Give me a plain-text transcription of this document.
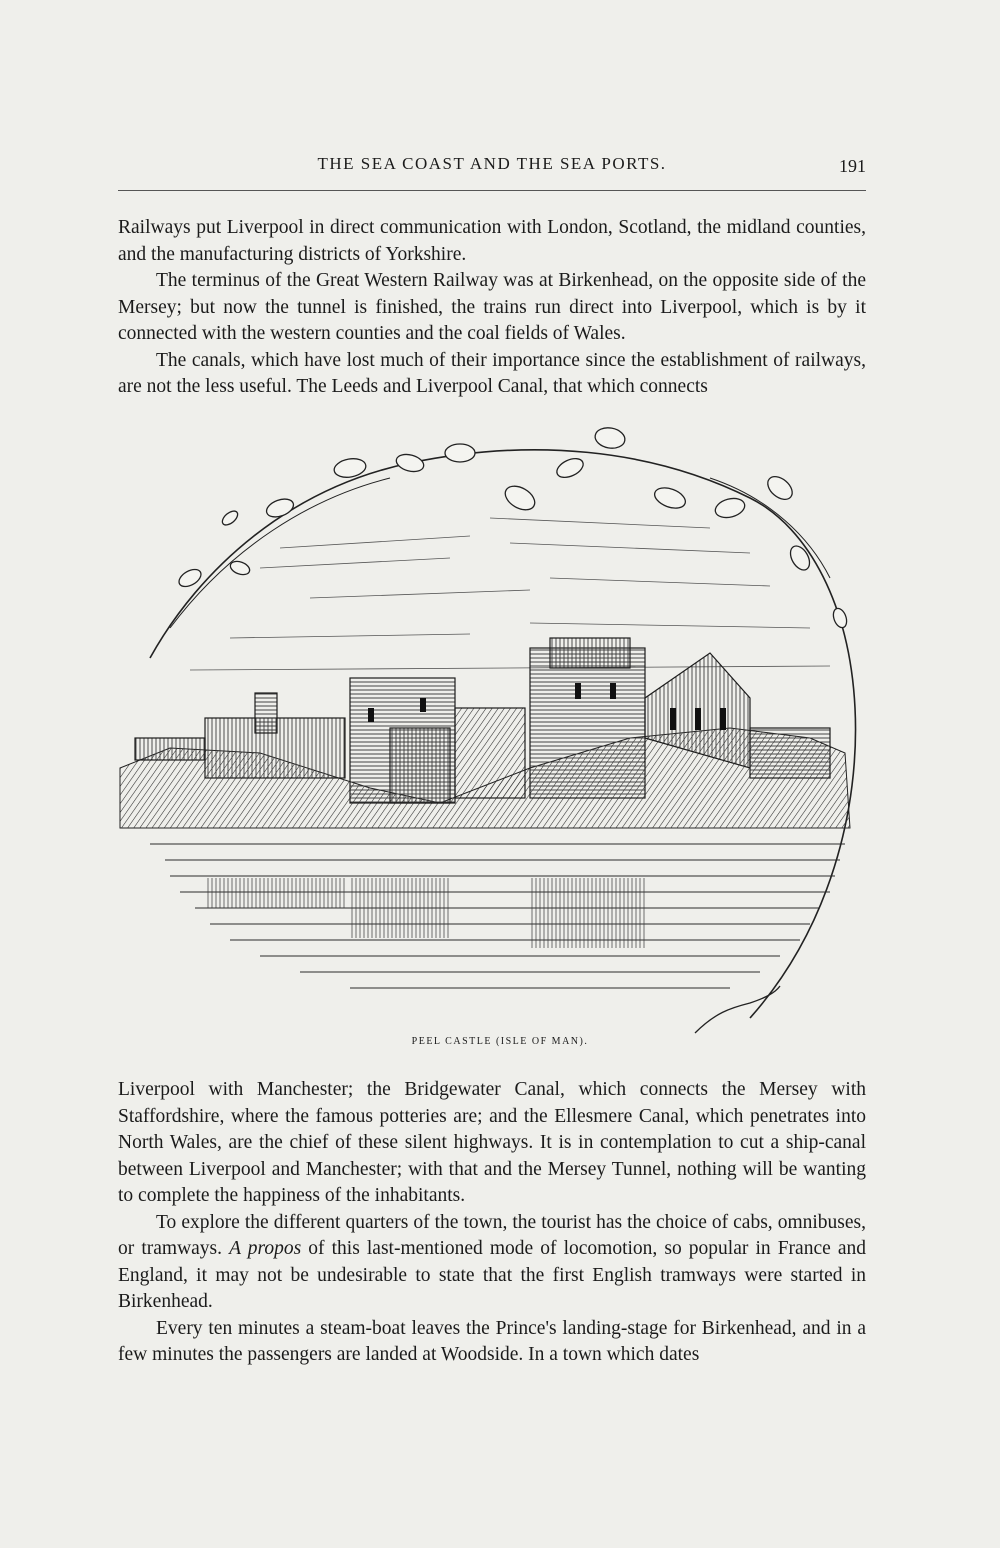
THE SEA COAST AND THE SEA PORTS.	191

Railways put Liverpool in direct communication with London, Scotland, the midland counties, and the manufacturing districts of Yorkshire.

The terminus of the Great Western Railway was at Birkenhead, on the opposite side of the Mersey; but now the tunnel is finished, the trains run direct into Liverpool, which is by it connected with the western counties and the coal fields of Wales.

The canals, which have lost much of their importance since the establishment of railways, are not the less useful. The Leeds and Liverpool Canal, that which connects

PEEL CASTLE (ISLE OF MAN).

Liverpool with Manchester; the Bridgewater Canal, which connects the Mersey with Staffordshire, where the famous potteries are; and the Ellesmere Canal, which penetrates into North Wales, are the chief of these silent highways. It is in contemplation to cut a ship-canal between Liverpool and Manchester; with that and the Mersey Tunnel, nothing will be wanting to complete the happiness of the inhabitants.

To explore the different quarters of the town, the tourist has the choice of cabs, omnibuses, or tramways. A propos of this last-mentioned mode of locomotion, so popular in France and England, it may not be undesirable to state that the first English tramways were started in Birkenhead.

Every ten minutes a steam-boat leaves the Prince's landing-stage for Birkenhead, and in a few minutes the passengers are landed at Woodside. In a town which dates
